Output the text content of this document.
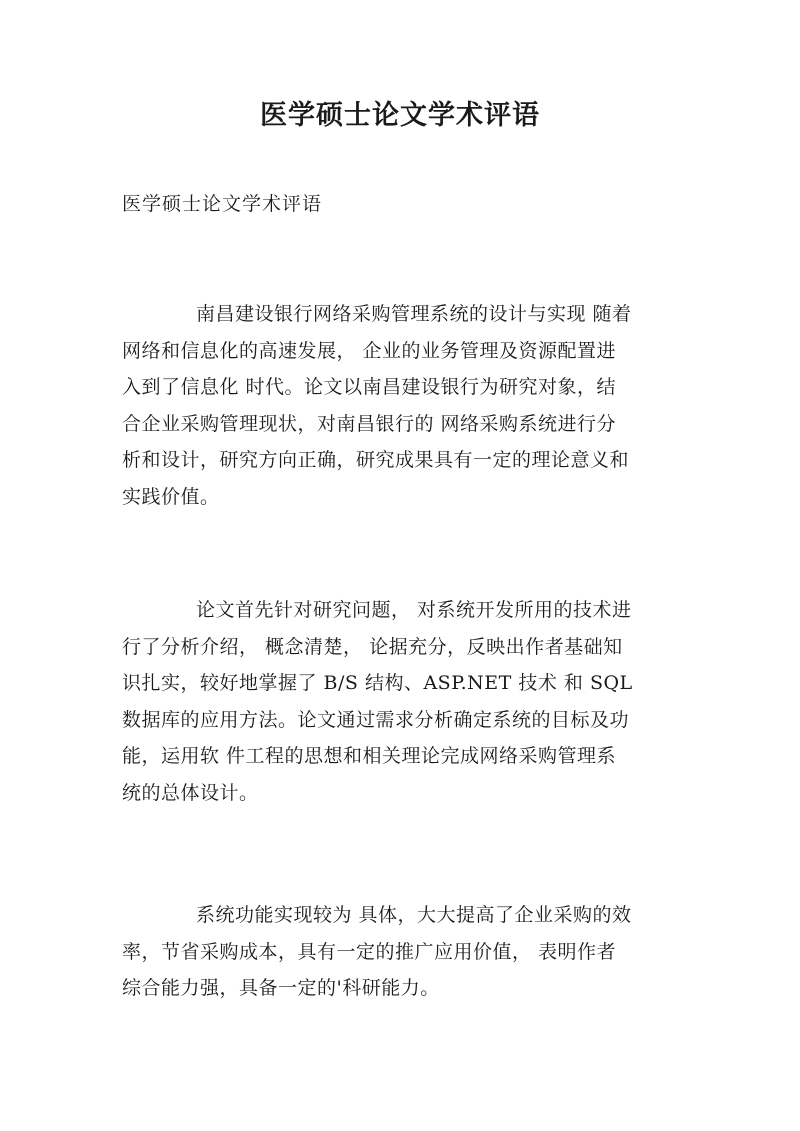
医学硕士论文学术评语
医学硕士论文学术评语
南昌建设银行网络采购管理系统的设计与实现 随着
网络和信息化的高速发展， 企业的业务管理及资源配置进
入到了信息化 时代。论文以南昌建设银行为研究对象，结
合企业采购管理现状，对南昌银行的 网络采购系统进行分
析和设计，研究方向正确，研究成果具有一定的理论意义和
实践价值。
论文首先针对研究问题， 对系统开发所用的技术进
行了分析介绍， 概念清楚， 论据充分，反映出作者基础知
识扎实，较好地掌握了 B/S 结构、ASP.NET 技术 和 SQL
数据库的应用方法。论文通过需求分析确定系统的目标及功
能，运用软 件工程的思想和相关理论完成网络采购管理系
统的总体设计。
系统功能实现较为 具体，大大提高了企业采购的效
率，节省采购成本，具有一定的推广应用价值， 表明作者
综合能力强，具备一定的'科研能力。
